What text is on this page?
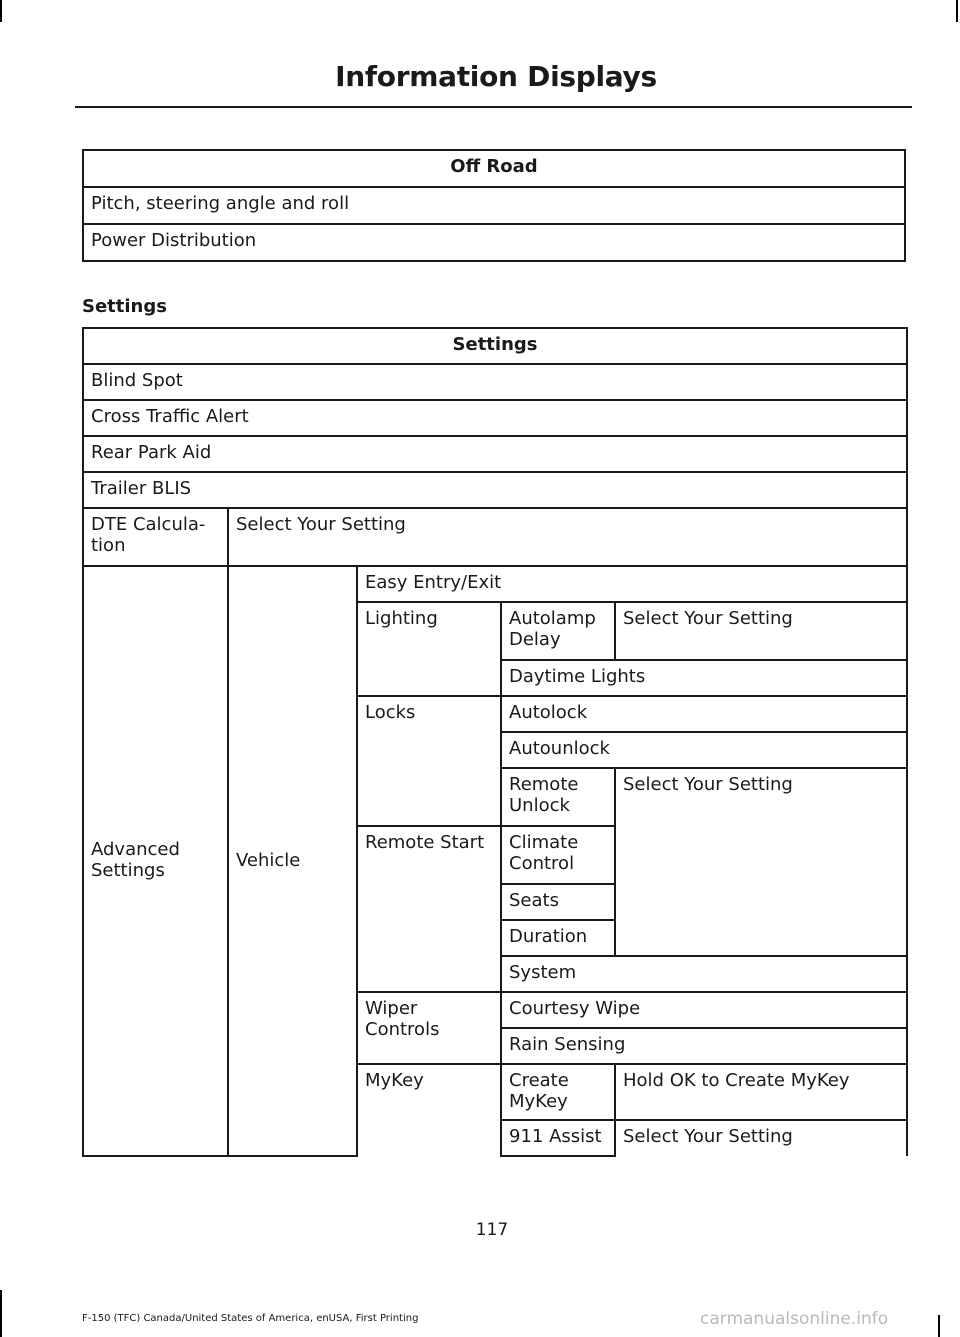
Information Displays
Off Road
Pitch, steering angle and roll
Power Distribution
Settings
Settings				
Blind Spot				
Cross Traffic Alert				
Rear Park Aid				
Trailer BLIS				
DTE Calcula- tion	Select Your Setting			
Advanced Settings	Vehicle	Easy Entry/Exit		
		Lighting	Autolamp Delay	Select Your Setting
			Daytime Lights	
		Locks	Autolock	
			Autounlock	
			Remote Unlock	Select Your Setting
		Remote Start	Climate Control	
			Seats	
			Duration	
			System	
		Wiper Controls	Courtesy Wipe	
			Rain Sensing	
		MyKey	Create MyKey	Hold OK to Create MyKey
			911 Assist	Select Your Setting
117
F-150 (TFC) Canada/United States of America, enUSA, First Printing	carmanualsonline.info
